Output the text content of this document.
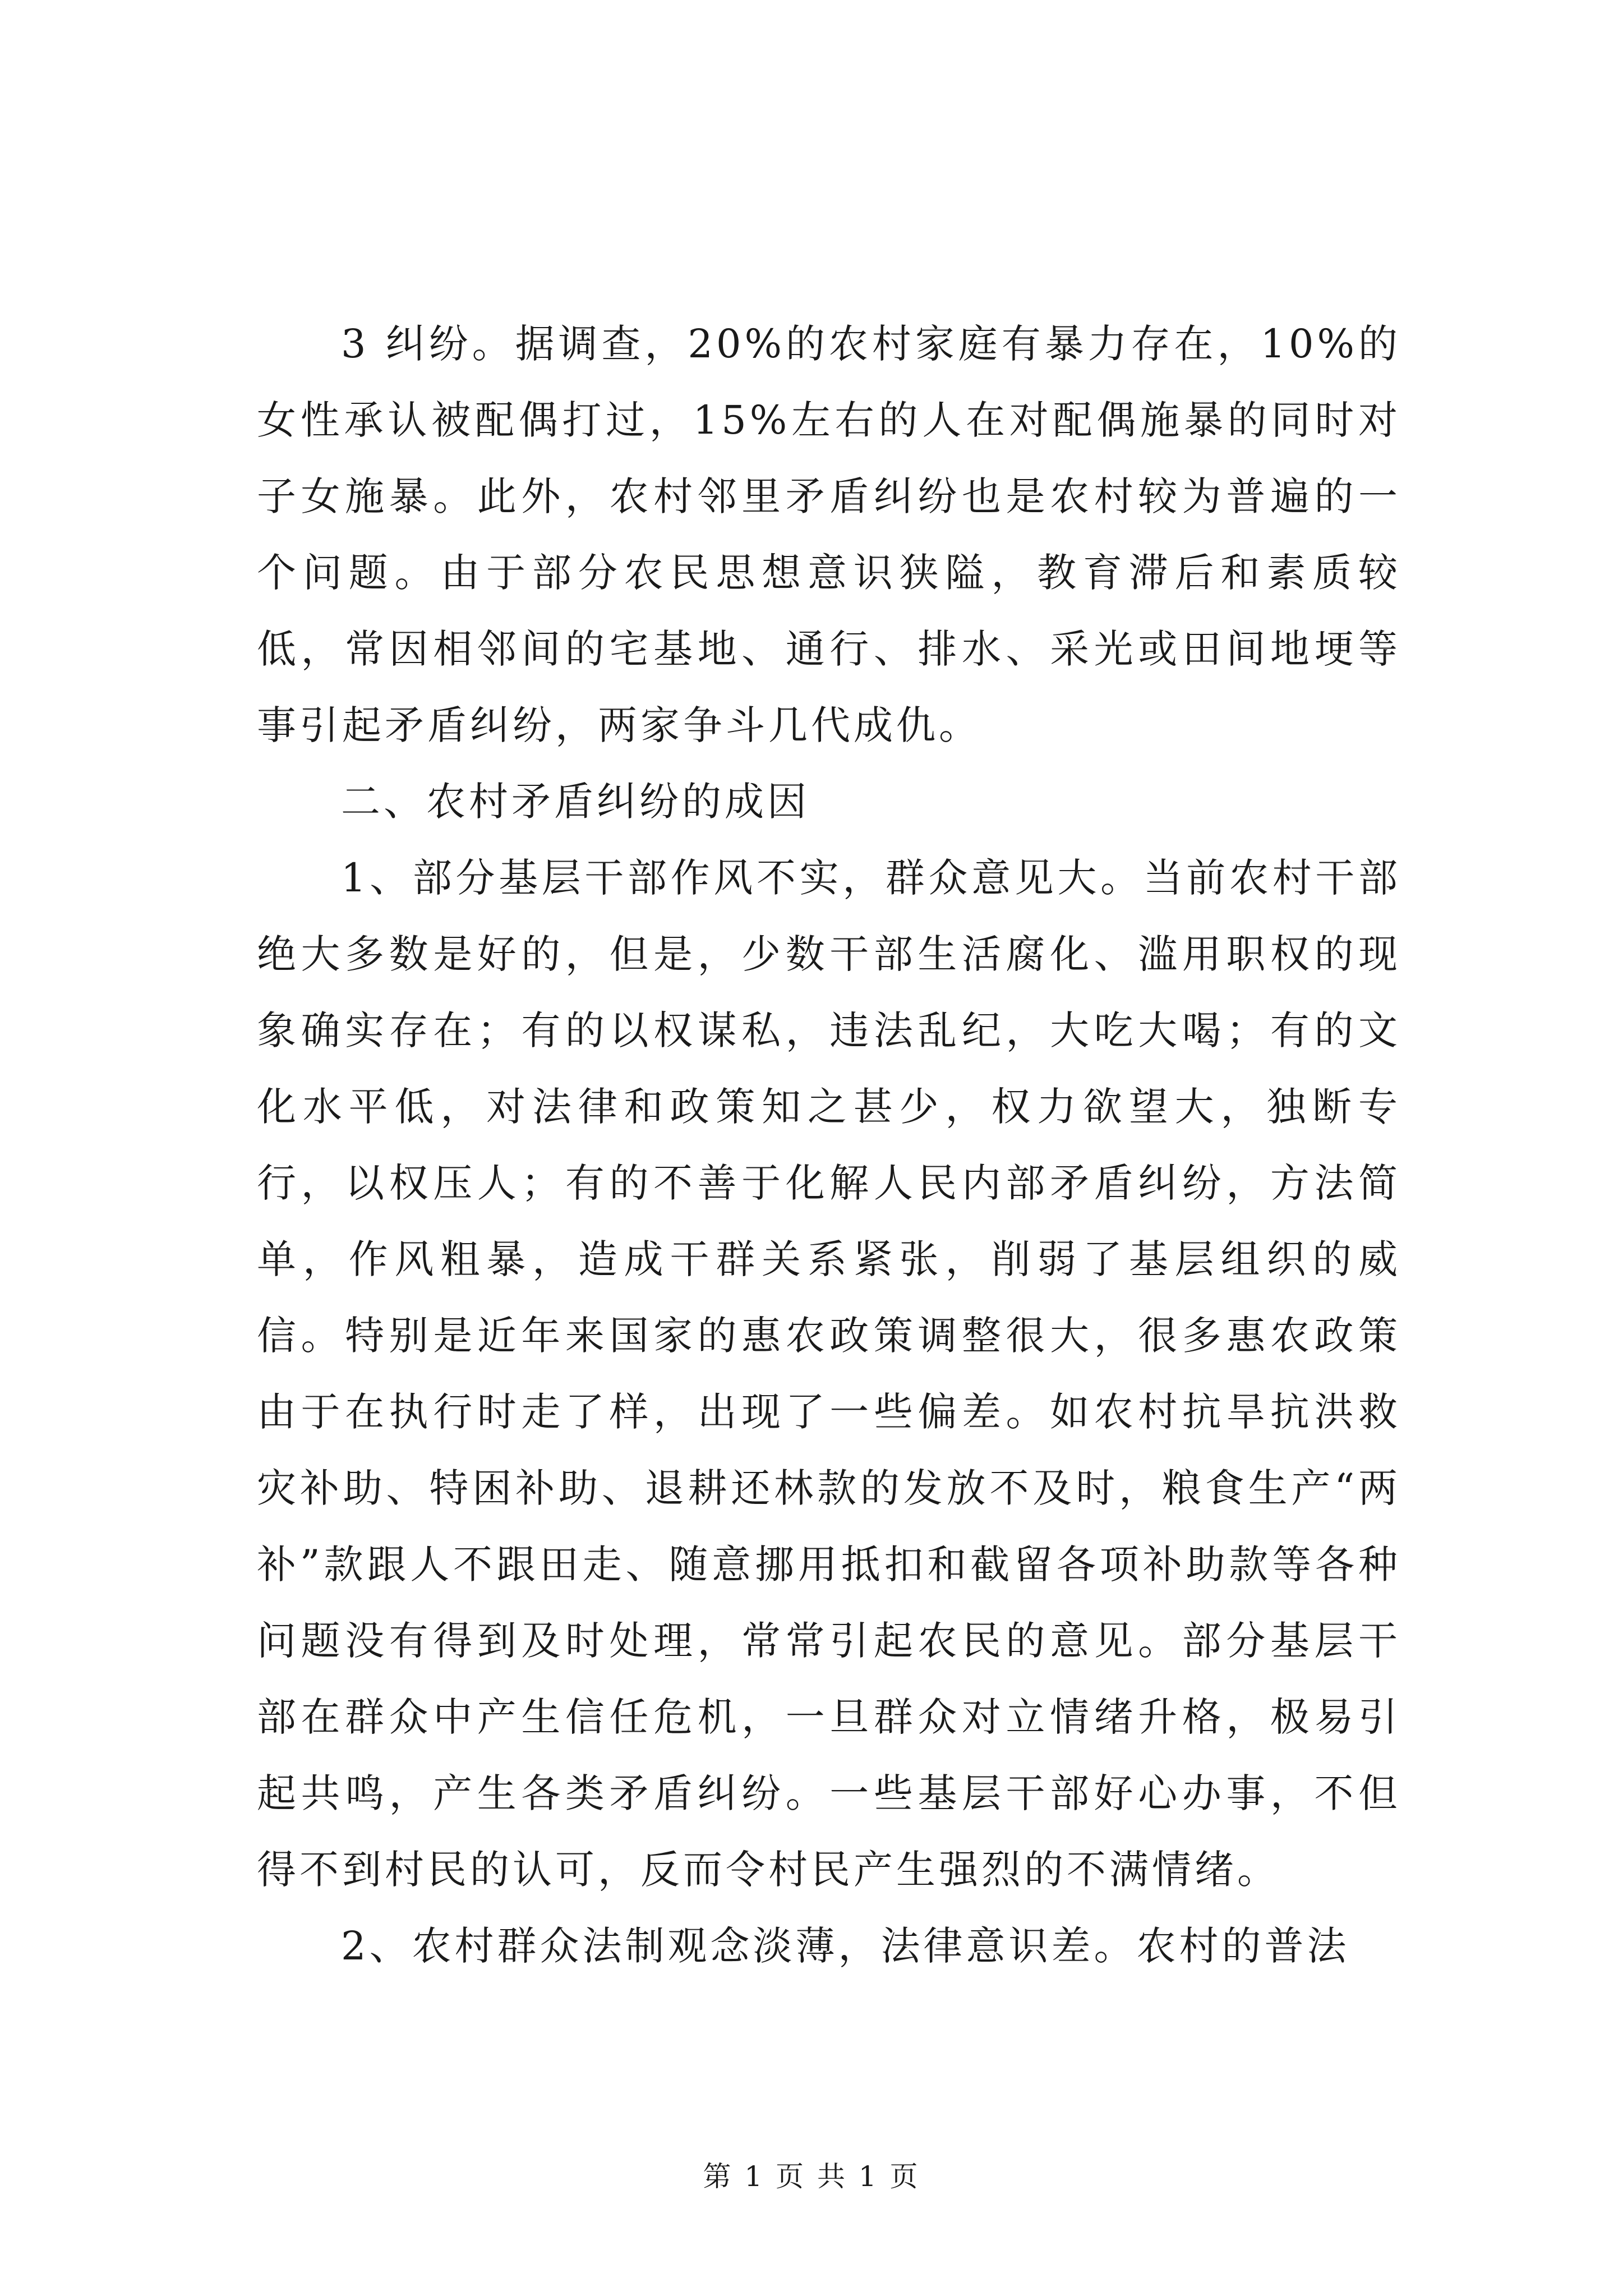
3 纠纷。据调查，20%的农村家庭有暴力存在，10%的女性承认被配偶打过，15%左右的人在对配偶施暴的同时对子女施暴。此外，农村邻里矛盾纠纷也是农村较为普遍的一个问题。由于部分农民思想意识狭隘，教育滞后和素质较低，常因相邻间的宅基地、通行、排水、采光或田间地埂等事引起矛盾纠纷，两家争斗几代成仇。

二、农村矛盾纠纷的成因

1、部分基层干部作风不实，群众意见大。当前农村干部绝大多数是好的，但是，少数干部生活腐化、滥用职权的现象确实存在；有的以权谋私，违法乱纪，大吃大喝；有的文化水平低，对法律和政策知之甚少，权力欲望大，独断专行，以权压人；有的不善于化解人民内部矛盾纠纷，方法简单，作风粗暴，造成干群关系紧张，削弱了基层组织的威信。特别是近年来国家的惠农政策调整很大，很多惠农政策由于在执行时走了样，出现了一些偏差。如农村抗旱抗洪救灾补助、特困补助、退耕还林款的发放不及时，粮食生产“两补”款跟人不跟田走、随意挪用抵扣和截留各项补助款等各种问题没有得到及时处理，常常引起农民的意见。部分基层干部在群众中产生信任危机，一旦群众对立情绪升格，极易引起共鸣，产生各类矛盾纠纷。一些基层干部好心办事，不但得不到村民的认可，反而令村民产生强烈的不满情绪。

2、农村群众法制观念淡薄，法律意识差。农村的普法

第 1 页 共 1 页
